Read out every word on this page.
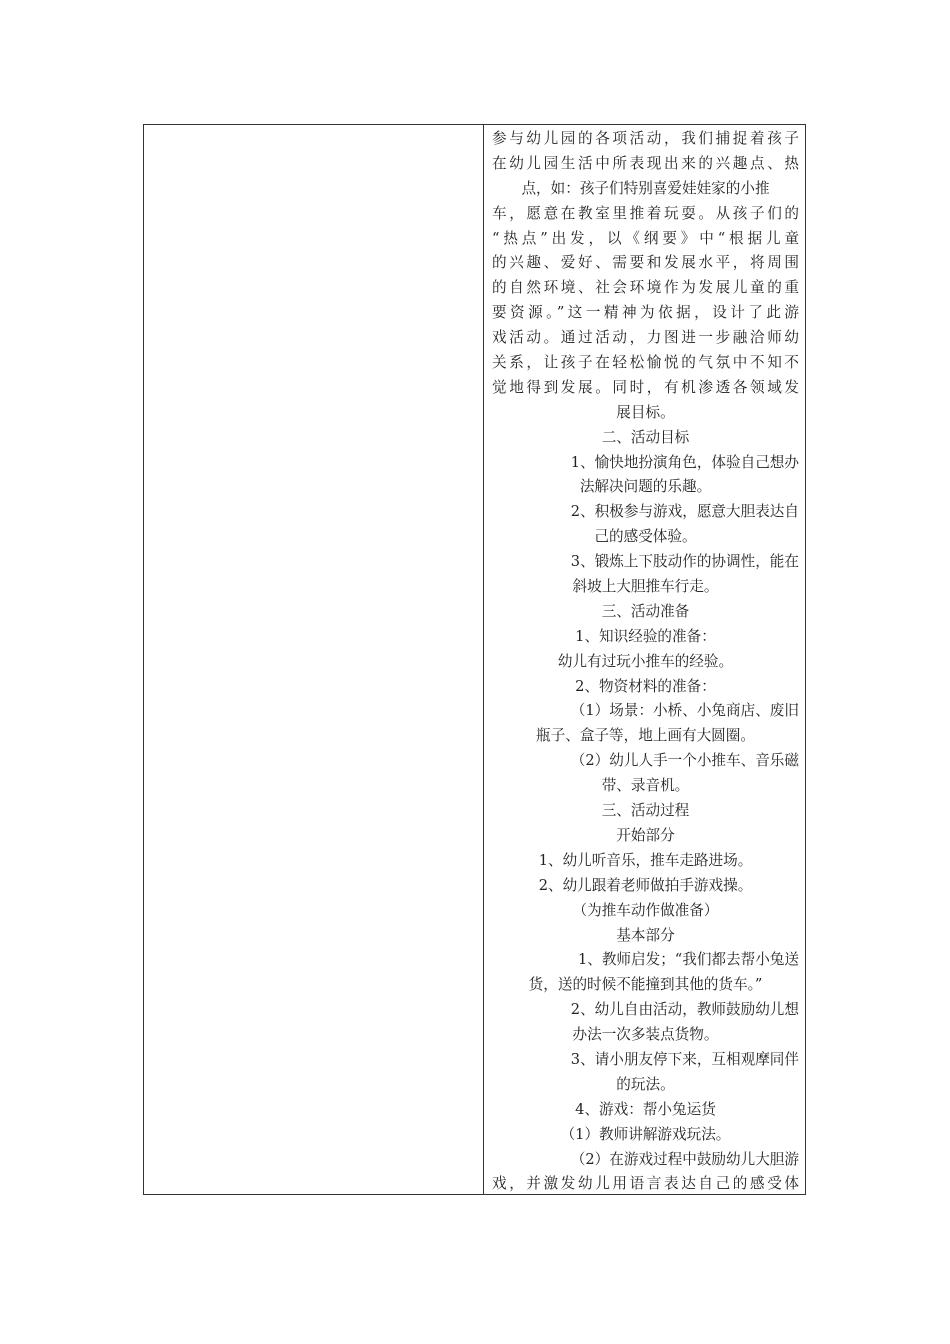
参与幼儿园的各项活动，我们捕捉着孩子
在幼儿园生活中所表现出来的兴趣点、热
点，如：孩子们特别喜爱娃娃家的小推
车，愿意在教室里推着玩耍。从孩子们的
“热点”出发，以《纲要》中“根据儿童
的兴趣、爱好、需要和发展水平，将周围
的自然环境、社会环境作为发展儿童的重
要资源。”这一精神为依据，设计了此游
戏活动。通过活动，力图进一步融洽师幼
关系，让孩子在轻松愉悦的气氛中不知不
觉地得到发展。同时，有机渗透各领域发
展目标。
二、活动目标
1、愉快地扮演角色，体验自己想办
法解决问题的乐趣。
2、积极参与游戏，愿意大胆表达自
己的感受体验。
3、锻炼上下肢动作的协调性，能在
斜坡上大胆推车行走。
三、活动准备
1、知识经验的准备：
幼儿有过玩小推车的经验。
2、物资材料的准备：
（1）场景：小桥、小兔商店、废旧
瓶子、盒子等，地上画有大圆圈。
（2）幼儿人手一个小推车、音乐磁
带、录音机。
三、活动过程
开始部分
1、幼儿听音乐，推车走路进场。
2、幼儿跟着老师做拍手游戏操。
（为推车动作做准备）
基本部分
1、教师启发；“我们都去帮小兔送
货，送的时候不能撞到其他的货车。”
2、幼儿自由活动，教师鼓励幼儿想
办法一次多装点货物。
3、请小朋友停下来，互相观摩同伴
的玩法。
4、游戏：帮小兔运货
（1）教师讲解游戏玩法。
（2）在游戏过程中鼓励幼儿大胆游
戏，并激发幼儿用语言表达自己的感受体
